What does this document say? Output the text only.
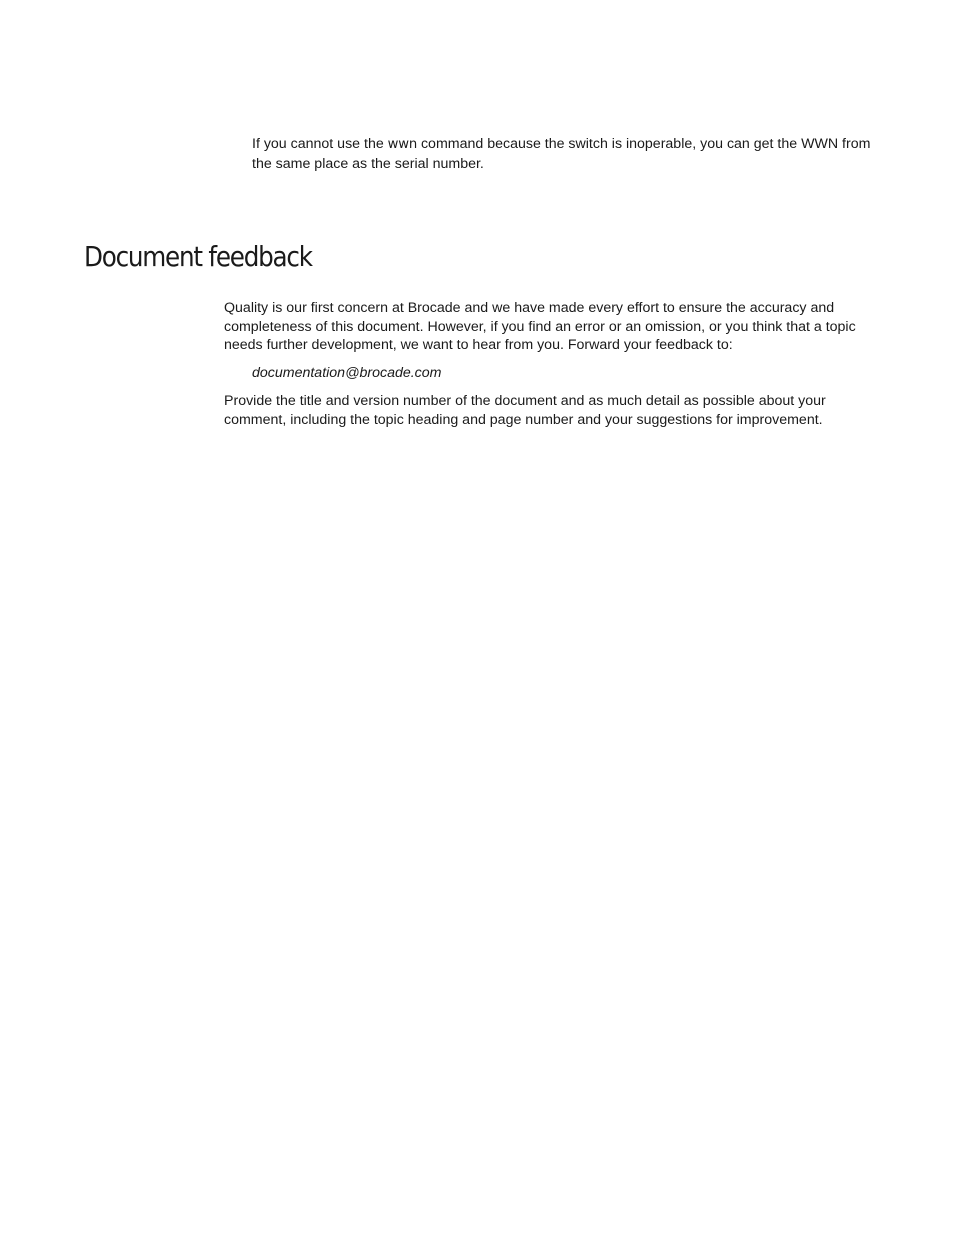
If you cannot use the wwn command because the switch is inoperable, you can get the WWN from the same place as the serial number.

Document feedback

Quality is our first concern at Brocade and we have made every effort to ensure the accuracy and completeness of this document. However, if you find an error or an omission, or you think that a topic needs further development, we want to hear from you. Forward your feedback to:

documentation@brocade.com

Provide the title and version number of the document and as much detail as possible about your comment, including the topic heading and page number and your suggestions for improvement.
